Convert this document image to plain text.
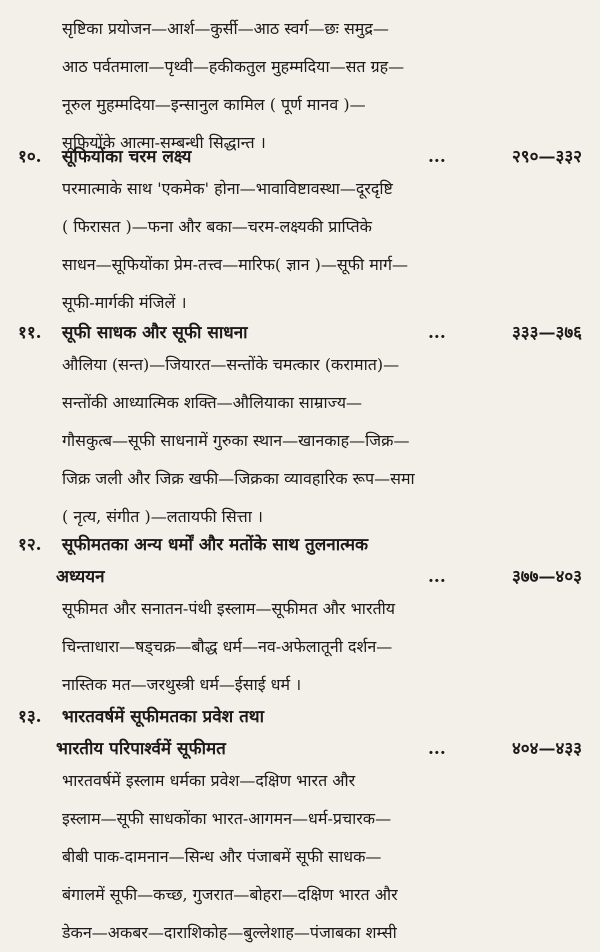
सृष्टिका प्रयोजन—आर्श—कुर्सी—आठ स्वर्ग—छः समुद्र—
आठ पर्वतमाला—पृथ्वी—हकीकतुल मुहम्मदिया—सत ग्रह—
नूरुल मुहम्मदिया—इन्सानुल कामिल ( पूर्ण मानव )—
सूफियोंके आत्मा-सम्बन्धी सिद्धान्त ।
१०. सूफियोंका चरम लक्ष्य	...	२९०—३३२
परमात्माके साथ 'एकमेक' होना—भावाविष्टावस्था—दूरदृष्टि
( फिरासत )—फना और बका—चरम-लक्ष्यकी प्राप्तिके
साधन—सूफियोंका प्रेम-तत्त्व—मारिफ( ज्ञान )—सूफी मार्ग—
सूफी-मार्गकी मंजिलें ।
११. सूफी साधक और सूफी साधना	...	३३३—३७६
औलिया (सन्त)—जियारत—सन्तोंके चमत्कार (करामात)—
सन्तोंकी आध्यात्मिक शक्ति—औलियाका साम्राज्य—
गौसकुत्ब—सूफी साधनामें गुरुका स्थान—खानकाह—जिक्र—
जिक्र जली और जिक्र खफी—जिक्रका व्यावहारिक रूप—समा
( नृत्य, संगीत )—लतायफी सित्ता ।
१२. सूफीमतका अन्य धर्मों और मतोंके साथ तुलनात्मक
अध्ययन	...	३७७—४०३
सूफीमत और सनातन-पंथी इस्लाम—सूफीमत और भारतीय
चिन्ताधारा—षड्चक्र—बौद्ध धर्म—नव-अफेलातूनी दर्शन—
नास्तिक मत—जरथुस्त्री धर्म—ईसाई धर्म ।
१३. भारतवर्षमें सूफीमतका प्रवेश तथा
भारतीय परिपार्श्वमें सूफीमत	...	४०४—४३३
भारतवर्षमें इस्लाम धर्मका प्रवेश—दक्षिण भारत और
इस्लाम—सूफी साधकोंका भारत-आगमन—धर्म-प्रचारक—
बीबी पाक-दामनान—सिन्ध और पंजाबमें सूफी साधक—
बंगालमें सूफी—कच्छ, गुजरात—बोहरा—दक्षिण भारत और
डेकन—अकबर—दाराशिकोह—बुल्लेशाह—पंजाबका शम्सी
